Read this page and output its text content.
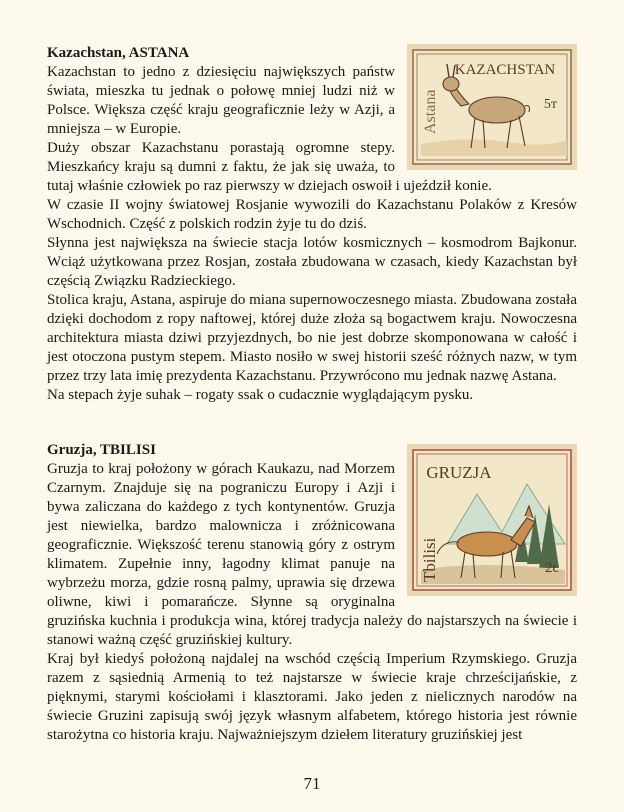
Astana
KAZACHSTAN
5т

Kazachstan, ASTANA

Kazachstan to jedno z dziesięciu największych państw świata, mieszka tu jednak o połowę mniej ludzi niż w Polsce. Większa część kraju geograficznie leży w Azji, a mniejsza – w Europie.

Duży obszar Kazachstanu porastają ogromne stepy. Mieszkańcy kraju są dumni z faktu, że jak się uważa, to tutaj właśnie człowiek po raz pierwszy w dziejach oswoił i ujeździł konie.

W czasie II wojny światowej Rosjanie wywozili do Kazachstanu Polaków z Kresów Wschodnich. Część z polskich rodzin żyje tu do dziś.

Słynna jest największa na świecie stacja lotów kosmicznych – kosmodrom Bajkonur. Wciąż użytkowana przez Rosjan, została zbudowana w czasach, kiedy Kazachstan był częścią Związku Radzieckiego.

Stolica kraju, Astana, aspiruje do miana supernowoczesnego miasta. Zbudowana została dzięki dochodom z ropy naftowej, której duże złoża są bogactwem kraju. Nowoczesna architektura miasta dziwi przyjezdnych, bo nie jest dobrze skomponowana w całość i jest otoczona pustym stepem. Miasto nosiło w swej historii sześć różnych nazw, w tym przez trzy lata imię prezydenta Kazachstanu. Przywrócono mu jednak nazwę Astana.

Na stepach żyje suhak – rogaty ssak o cudacznie wyglądającym pysku.

GRUZJA
Tbilisi	2c

Gruzja, TBILISI

Gruzja to kraj położony w górach Kaukazu, nad Morzem Czarnym. Znajduje się na pograniczu Europy i Azji i bywa zaliczana do każdego z tych kontynentów. Gruzja jest niewielka, bardzo malownicza i zróżnicowana geograficznie. Większość terenu stanowią góry z ostrym klimatem. Zupełnie inny, łagodny klimat panuje na wybrzeżu morza, gdzie rosną palmy, uprawia się drzewa oliwne, kiwi i pomarańcze. Słynne są oryginalna gruzińska kuchnia i produkcja wina, której tradycja należy do najstarszych na świecie i stanowi ważną część gruzińskiej kultury.

Kraj był kiedyś położoną najdalej na wschód częścią Imperium Rzymskiego. Gruzja razem z sąsiednią Armenią to też najstarsze w świecie kraje chrześcijańskie, z pięknymi, starymi kościołami i klasztorami. Jako jeden z nielicznych narodów na świecie Gruzini zapisują swój język własnym alfabetem, którego historia jest równie starożytna co historia kraju. Najważniejszym dziełem literatury gruzińskiej jest

71
